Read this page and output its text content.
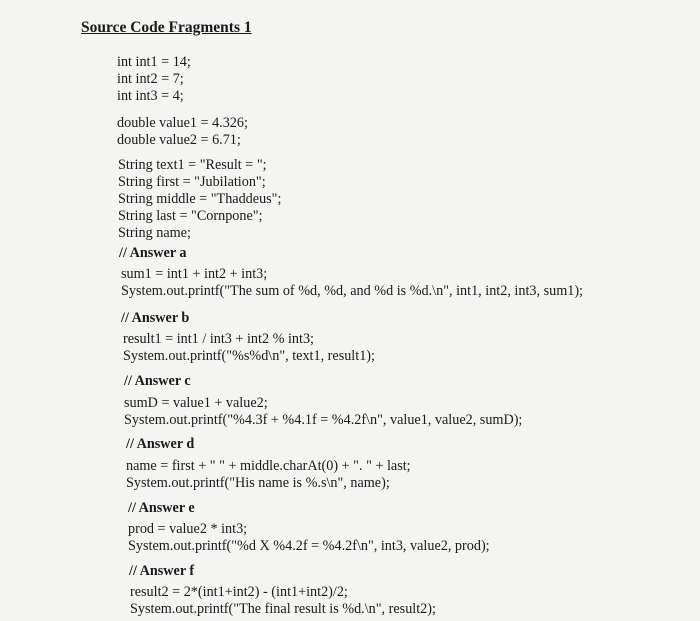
Source Code Fragments 1
int int1 = 14;
int int2 = 7;
int int3 = 4;
double value1 = 4.326;
double value2 = 6.71;
String text1 = "Result = ";
String first = "Jubilation";
String middle = "Thaddeus";
String last = "Cornpone";
String name;
// Answer a
sum1 = int1 + int2 + int3;
System.out.printf("The sum of %d, %d, and %d is %d.\n", int1, int2, int3, sum1);
// Answer b
result1 = int1 / int3 + int2 % int3;
System.out.printf("%s%d\n", text1, result1);
// Answer c
sumD = value1 + value2;
System.out.printf("%4.3f + %4.1f = %4.2f\n", value1, value2, sumD);
// Answer d
name = first + " " + middle.charAt(0) + ". " + last;
System.out.printf("His name is %.s\n", name);
// Answer e
prod = value2 * int3;
System.out.printf("%d X %4.2f = %4.2f\n", int3, value2, prod);
// Answer f
result2 = 2*(int1+int2) - (int1+int2)/2;
System.out.printf("The final result is %d.\n", result2);
